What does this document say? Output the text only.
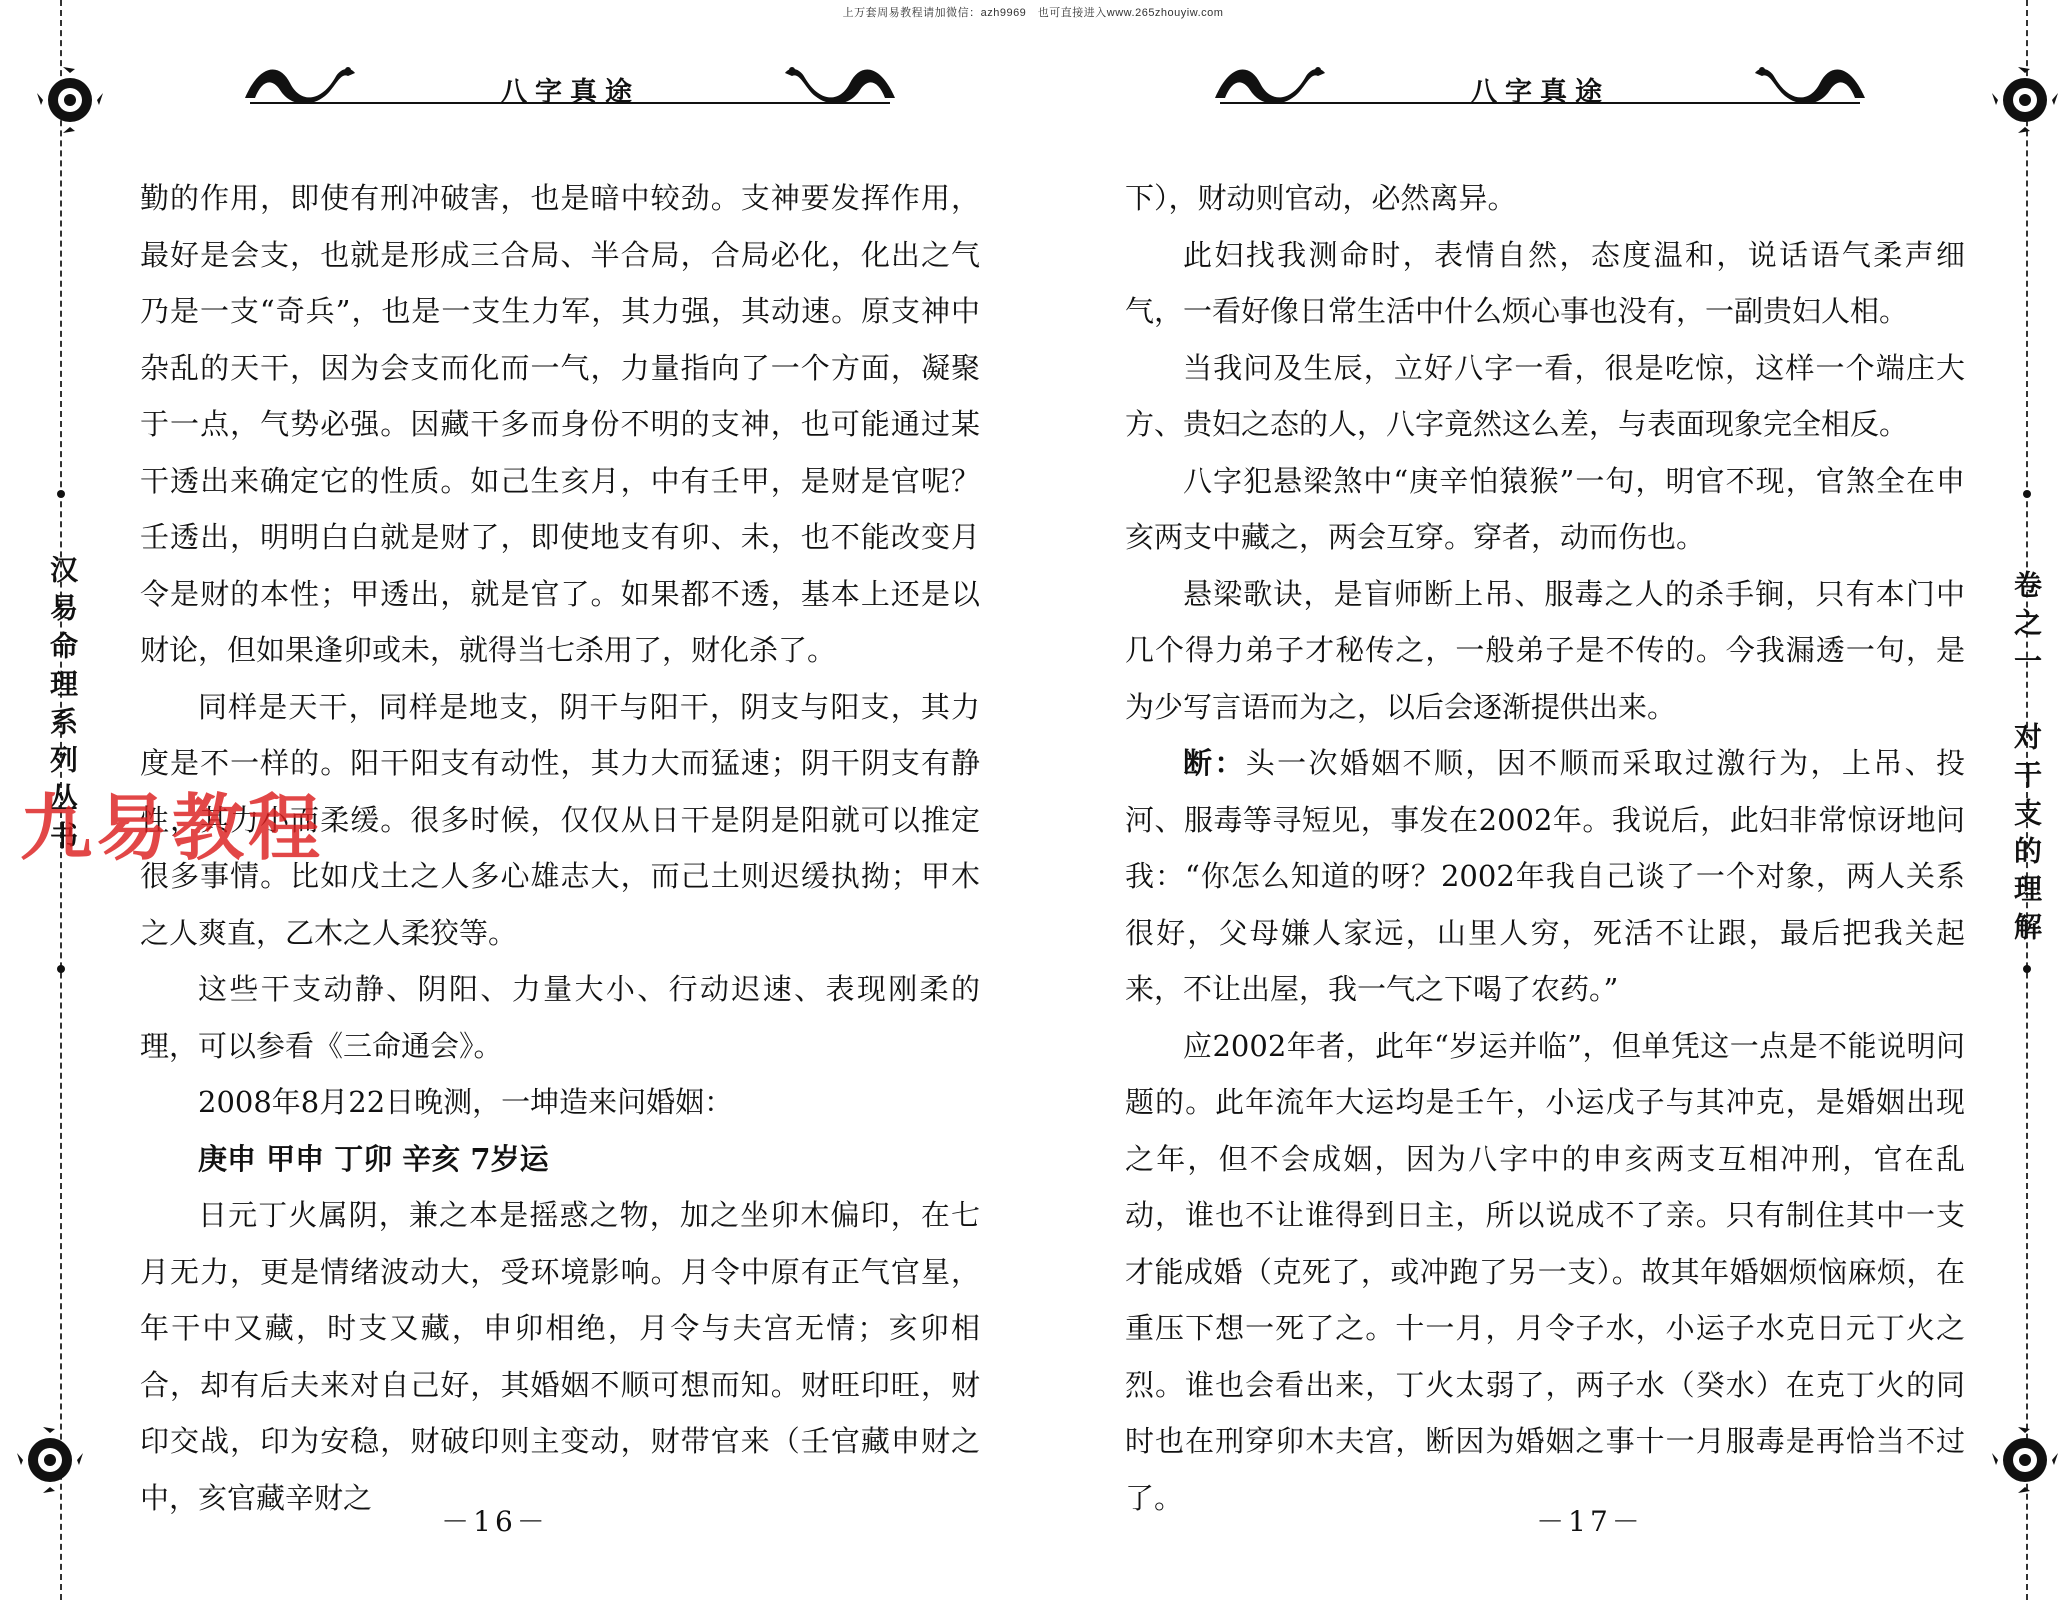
上万套周易教程请加微信：azh9969　也可直接进入www.265zhouyiw.com
汉易命理系列丛书	卷之一　对干支的理解
八字真途

勤的作用，即使有刑冲破害，也是暗中较劲。支神要发挥作用，最好是会支，也就是形成三合局、半合局，合局必化，化出之气乃是一支“奇兵”，也是一支生力军，其力强，其动速。原支神中杂乱的天干，因为会支而化而一气，力量指向了一个方面，凝聚于一点，气势必强。因藏干多而身份不明的支神，也可能通过某干透出来确定它的性质。如己生亥月，中有壬甲，是财是官呢？壬透出，明明白白就是财了，即使地支有卯、未，也不能改变月令是财的本性；甲透出，就是官了。如果都不透，基本上还是以财论，但如果逢卯或未，就得当七杀用了，财化杀了。

同样是天干，同样是地支，阴干与阳干，阴支与阳支，其力度是不一样的。阳干阳支有动性，其力大而猛速；阴干阴支有静性，其力小而柔缓。很多时候，仅仅从日干是阴是阳就可以推定很多事情。比如戊土之人多心雄志大，而己土则迟缓执拗；甲木之人爽直，乙木之人柔狡等。

这些干支动静、阴阳、力量大小、行动迟速、表现刚柔的理，可以参看《三命通会》。

2008年8月22日晚测，一坤造来问婚姻：

庚申 甲申 丁卯 辛亥 7岁运

日元丁火属阴，兼之本是摇惑之物，加之坐卯木偏印，在七月无力，更是情绪波动大，受环境影响。月令中原有正气官星，年干中又藏，时支又藏，申卯相绝，月令与夫宫无情；亥卯相合，却有后夫来对自己好，其婚姻不顺可想而知。财旺印旺，财印交战，印为安稳，财破印则主变动，财带官来（壬官藏申财之中，亥官藏辛财之

－16－
八字真途

下），财动则官动，必然离异。

此妇找我测命时，表情自然，态度温和，说话语气柔声细气，一看好像日常生活中什么烦心事也没有，一副贵妇人相。

当我问及生辰，立好八字一看，很是吃惊，这样一个端庄大方、贵妇之态的人，八字竟然这么差，与表面现象完全相反。

八字犯悬梁煞中“庚辛怕猿猴”一句，明官不现，官煞全在申亥两支中藏之，两会互穿。穿者，动而伤也。

悬梁歌诀，是盲师断上吊、服毒之人的杀手锏，只有本门中几个得力弟子才秘传之，一般弟子是不传的。今我漏透一句，是为少写言语而为之，以后会逐渐提供出来。

断：头一次婚姻不顺，因不顺而采取过激行为，上吊、投河、服毒等寻短见，事发在2002年。我说后，此妇非常惊讶地问我：“你怎么知道的呀？2002年我自己谈了一个对象，两人关系很好，父母嫌人家远，山里人穷，死活不让跟，最后把我关起来，不让出屋，我一气之下喝了农药。”

应2002年者，此年“岁运并临”，但单凭这一点是不能说明问题的。此年流年大运均是壬午，小运戊子与其冲克，是婚姻出现之年，但不会成姻，因为八字中的申亥两支互相冲刑，官在乱动，谁也不让谁得到日主，所以说成不了亲。只有制住其中一支才能成婚（克死了，或冲跑了另一支）。故其年婚姻烦恼麻烦，在重压下想一死了之。十一月，月令子水，小运子水克日元丁火之烈。谁也会看出来，丁火太弱了，两子水（癸水）在克丁火的同时也在刑穿卯木夫宫，断因为婚姻之事十一月服毒是再恰当不过了。

－17－
九易教程
